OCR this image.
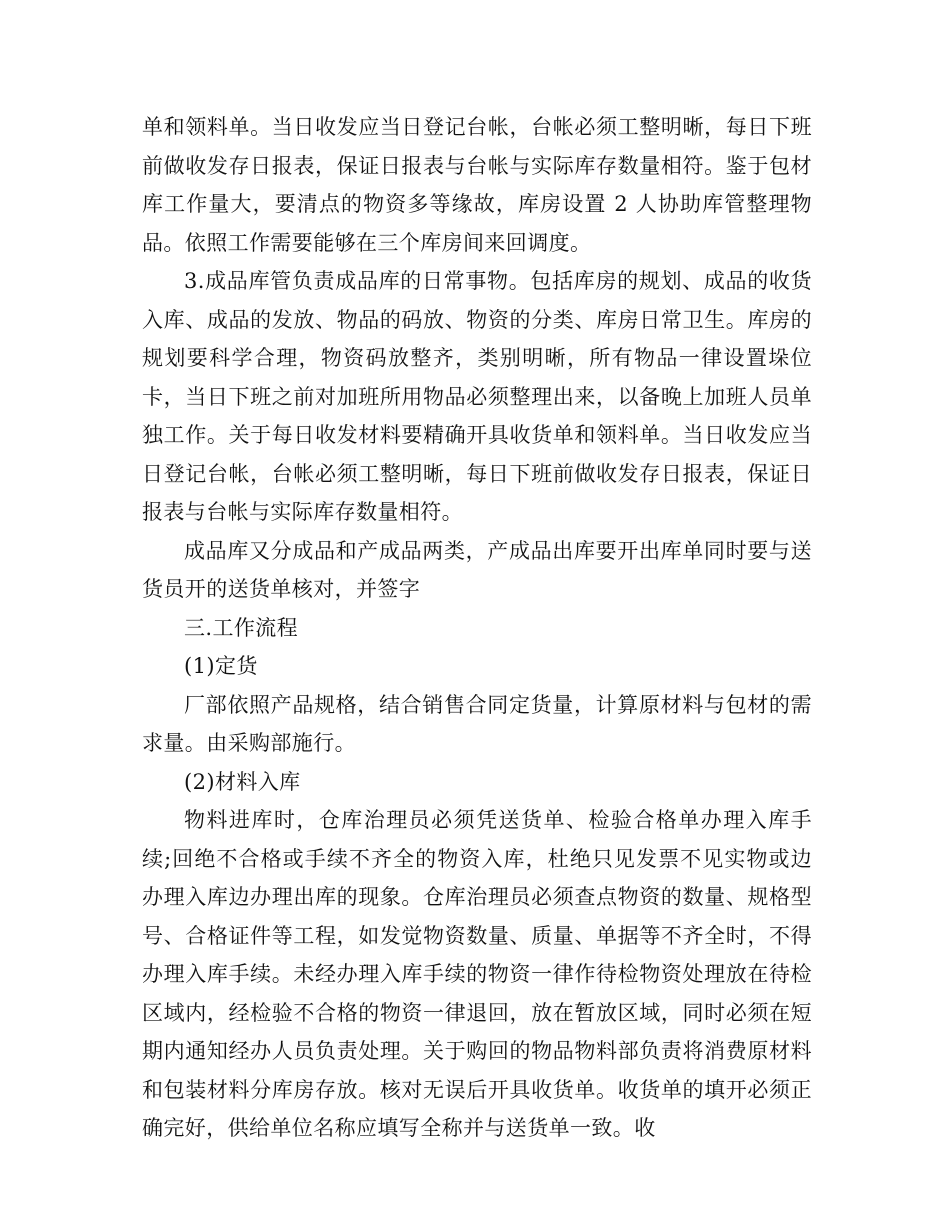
单和领料单。当日收发应当日登记台帐，台帐必须工整明晰，每日下班前做收发存日报表，保证日报表与台帐与实际库存数量相符。鉴于包材库工作量大，要清点的物资多等缘故，库房设置 2 人协助库管整理物品。依照工作需要能够在三个库房间来回调度。

3.成品库管负责成品库的日常事物。包括库房的规划、成品的收货入库、成品的发放、物品的码放、物资的分类、库房日常卫生。库房的规划要科学合理，物资码放整齐，类别明晰，所有物品一律设置垛位卡，当日下班之前对加班所用物品必须整理出来，以备晚上加班人员单独工作。关于每日收发材料要精确开具收货单和领料单。当日收发应当日登记台帐，台帐必须工整明晰，每日下班前做收发存日报表，保证日报表与台帐与实际库存数量相符。

成品库又分成品和产成品两类，产成品出库要开出库单同时要与送货员开的送货单核对，并签字

三.工作流程

(1)定货

厂部依照产品规格，结合销售合同定货量，计算原材料与包材的需求量。由采购部施行。

(2)材料入库

物料进库时，仓库治理员必须凭送货单、检验合格单办理入库手续;回绝不合格或手续不齐全的物资入库，杜绝只见发票不见实物或边办理入库边办理出库的现象。仓库治理员必须查点物资的数量、规格型号、合格证件等工程，如发觉物资数量、质量、单据等不齐全时，不得办理入库手续。未经办理入库手续的物资一律作待检物资处理放在待检区域内，经检验不合格的物资一律退回，放在暂放区域，同时必须在短期内通知经办人员负责处理。关于购回的物品物料部负责将消费原材料和包装材料分库房存放。核对无误后开具收货单。收货单的填开必须正确完好，供给单位名称应填写全称并与送货单一致。收
